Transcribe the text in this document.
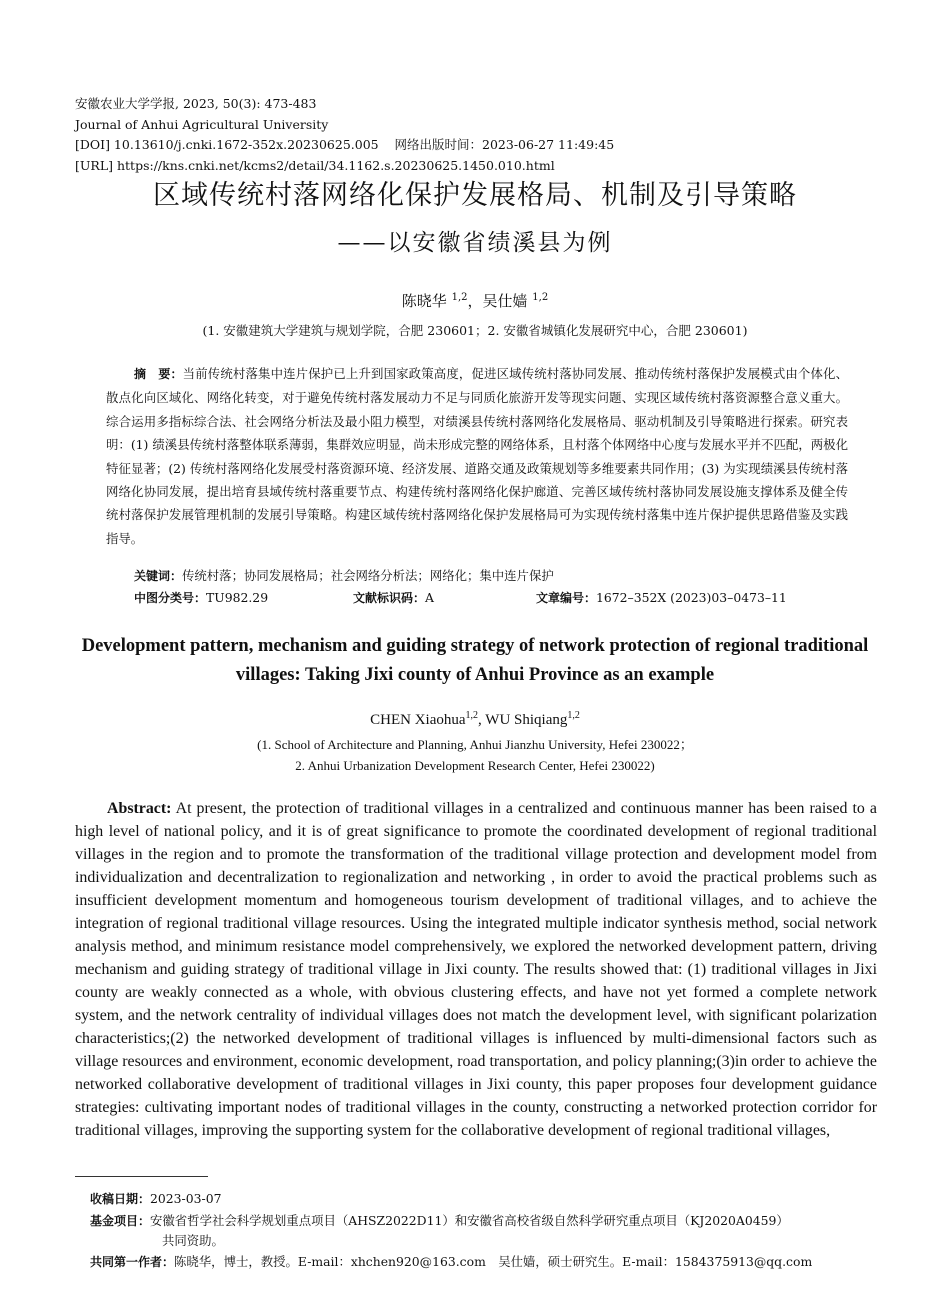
安徽农业大学学报, 2023, 50(3): 473-483
Journal of Anhui Agricultural University
[DOI] 10.13610/j.cnki.1672-352x.20230625.005 网络出版时间：2023-06-27 11:49:45
[URL] https://kns.cnki.net/kcms2/detail/34.1162.s.20230625.1450.010.html
区域传统村落网络化保护发展格局、机制及引导策略
——以安徽省绩溪县为例
陈晓华 $^{1,2}$，吴仕嫱 $^{1,2}$
(1. 安徽建筑大学建筑与规划学院，合肥 230601；2. 安徽省城镇化发展研究中心，合肥 230601)

摘　要：当前传统村落集中连片保护已上升到国家政策高度，促进区域传统村落协同发展、推动传统村落保护发展模式由个体化、散点化向区域化、网络化转变，对于避免传统村落发展动力不足与同质化旅游开发等现实问题、实现区域传统村落资源整合意义重大。综合运用多指标综合法、社会网络分析法及最小阻力模型，对绩溪县传统村落网络化发展格局、驱动机制及引导策略进行探索。研究表明：(1) 绩溪县传统村落整体联系薄弱，集群效应明显，尚未形成完整的网络体系，且村落个体网络中心度与发展水平并不匹配，两极化特征显著；(2) 传统村落网络化发展受村落资源环境、经济发展、道路交通及政策规划等多维要素共同作用；(3) 为实现绩溪县传统村落网络化协同发展，提出培育县域传统村落重要节点、构建传统村落网络化保护廊道、完善区域传统村落协同发展设施支撑体系及健全传统村落保护发展管理机制的发展引导策略。构建区域传统村落网络化保护发展格局可为实现传统村落集中连片保护提供思路借鉴及实践指导。

关键词：传统村落；协同发展格局；社会网络分析法；网络化；集中连片保护
中图分类号：TU982.29	文献标识码：A	文章编号：1672–352X (2023)03–0473–11

Development pattern, mechanism and guiding strategy of network protection of regional traditional villages: Taking Jixi county of Anhui Province as an example

CHEN Xiaohua$^{1,2}$, WU Shiqiang$^{1,2}$
(1. School of Architecture and Planning, Anhui Jianzhu University, Hefei 230022；
2. Anhui Urbanization Development Research Center, Hefei 230022)

Abstract: At present, the protection of traditional villages in a centralized and continuous manner has been raised to a high level of national policy, and it is of great significance to promote the coordinated development of regional traditional villages in the region and to promote the transformation of the traditional village protection and development model from individualization and decentralization to regionalization and networking , in order to avoid the practical problems such as insufficient development momentum and homogeneous tourism development of traditional villages, and to achieve the integration of regional traditional village resources. Using the integrated multiple indicator synthesis method, social network analysis method, and minimum resistance model comprehensively, we explored the networked development pattern, driving mechanism and guiding strategy of traditional village in Jixi county. The results showed that: (1) traditional villages in Jixi county are weakly connected as a whole, with obvious clustering effects, and have not yet formed a complete network system, and the network centrality of individual villages does not match the development level, with significant polarization characteristics;(2) the networked development of traditional villages is influenced by multi-dimensional factors such as village resources and environment, economic development, road transportation, and policy planning;(3)in order to achieve the networked collaborative development of traditional villages in Jixi county, this paper proposes four development guidance strategies: cultivating important nodes of traditional villages in the county, constructing a networked protection corridor for traditional villages, improving the supporting system for the collaborative development of regional traditional villages,

收稿日期：2023-03-07
基金项目：安徽省哲学社会科学规划重点项目（AHSZ2022D11）和安徽省高校省级自然科学研究重点项目（KJ2020A0459）
共同资助。
共同第一作者：陈晓华，博士，教授。E-mail：xhchen920@163.com　吴仕嫱，硕士研究生。E-mail：1584375913@qq.com
